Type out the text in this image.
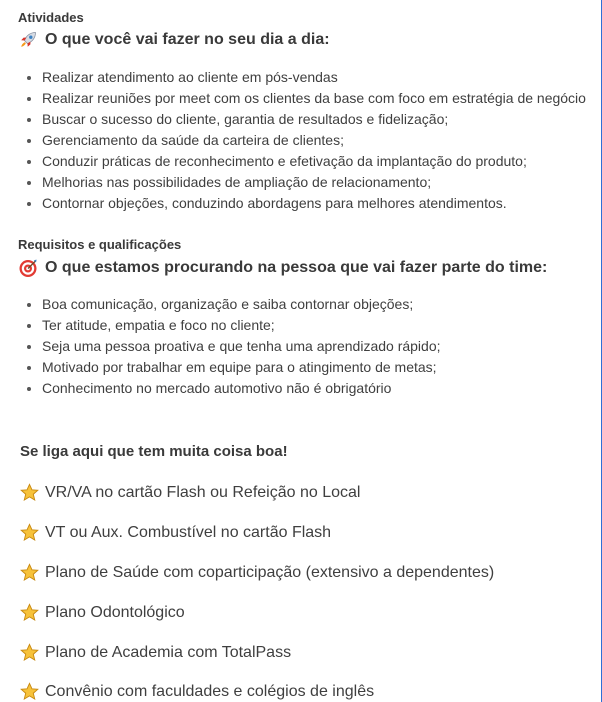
Atividades
O que você vai fazer no seu dia a dia:
Realizar atendimento ao cliente em pós-vendas
Realizar reuniões por meet com os clientes da base com foco em estratégia de negócio
Buscar o sucesso do cliente, garantia de resultados e fidelização;
Gerenciamento da saúde da carteira de clientes;
Conduzir práticas de reconhecimento e efetivação da implantação do produto;
Melhorias nas possibilidades de ampliação de relacionamento;
Contornar objeções, conduzindo abordagens para melhores atendimentos.
Requisitos e qualificações
O que estamos procurando na pessoa que vai fazer parte do time:
Boa comunicação, organização e saiba contornar objeções;
Ter atitude, empatia e foco no cliente;
Seja uma pessoa proativa e que tenha uma aprendizado rápido;
Motivado por trabalhar em equipe para o atingimento de metas;
Conhecimento no mercado automotivo não é obrigatório
Se liga aqui que tem muita coisa boa!
VR/VA no cartão Flash ou Refeição no Local
VT ou Aux. Combustível no cartão Flash
Plano de Saúde com coparticipação (extensivo a dependentes)
Plano Odontológico
Plano de Academia com TotalPass
Convênio com faculdades e colégios de inglês
